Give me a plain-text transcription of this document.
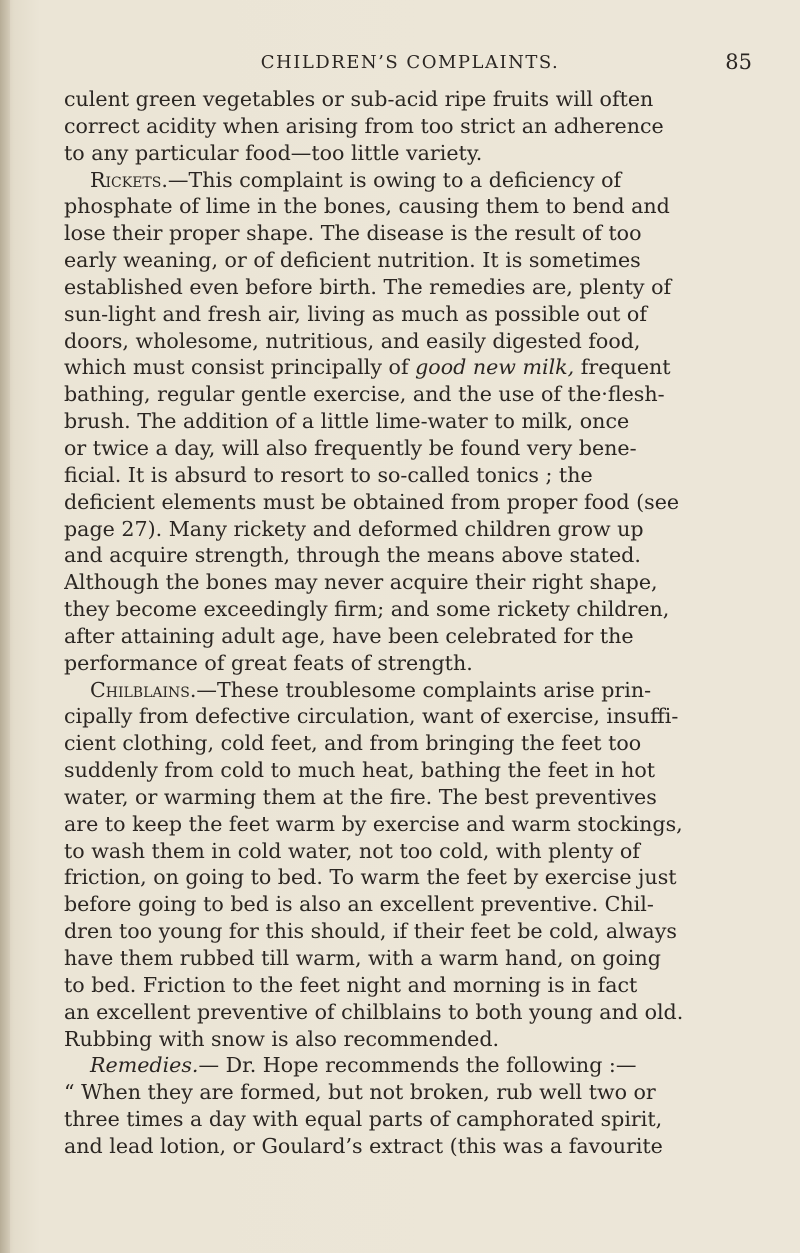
CHILDREN’S COMPLAINTS.	85
culent green vegetables or sub-acid ripe fruits will often
correct acidity when arising from too strict an adherence
to any particular food—too little variety.
Rickets.—This complaint is owing to a deficiency of
phosphate of lime in the bones, causing them to bend and
lose their proper shape. The disease is the result of too
early weaning, or of deficient nutrition. It is sometimes
established even before birth. The remedies are, plenty of
sun-light and fresh air, living as much as possible out of
doors, wholesome, nutritious, and easily digested food,
which must consist principally of good new milk, frequent
bathing, regular gentle exercise, and the use of the·flesh-
brush. The addition of a little lime-water to milk, once
or twice a day, will also frequently be found very bene-
ficial. It is absurd to resort to so-called tonics ; the
deficient elements must be obtained from proper food (see
page 27). Many rickety and deformed children grow up
and acquire strength, through the means above stated.
Although the bones may never acquire their right shape,
they become exceedingly firm; and some rickety children,
after attaining adult age, have been celebrated for the
performance of great feats of strength.
Chilblains.—These troublesome complaints arise prin-
cipally from defective circulation, want of exercise, insuffi-
cient clothing, cold feet, and from bringing the feet too
suddenly from cold to much heat, bathing the feet in hot
water, or warming them at the fire. The best preventives
are to keep the feet warm by exercise and warm stockings,
to wash them in cold water, not too cold, with plenty of
friction, on going to bed. To warm the feet by exercise just
before going to bed is also an excellent preventive. Chil-
dren too young for this should, if their feet be cold, always
have them rubbed till warm, with a warm hand, on going
to bed. Friction to the feet night and morning is in fact
an excellent preventive of chilblains to both young and old.
Rubbing with snow is also recommended.
Remedies.— Dr. Hope recommends the following :—
“ When they are formed, but not broken, rub well two or
three times a day with equal parts of camphorated spirit,
and lead lotion, or Goulard’s extract (this was a favourite
